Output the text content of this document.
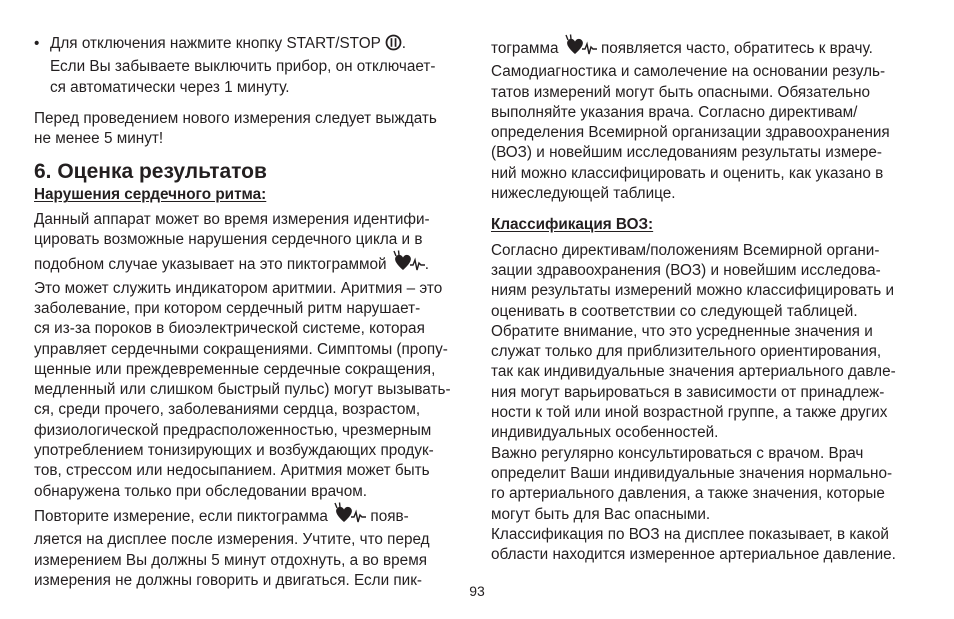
• Для отключения нажмите кнопку START/STOP .
Если Вы забываете выключить прибор, он отключает-
ся автоматически через 1 минуту.
Перед проведением нового измерения следует выждать
не менее 5 минут!
6. Оценка результатов
Нарушения сердечного ритма:
Данный аппарат может во время измерения идентифи-
цировать возможные нарушения сердечного цикла и в
подобном случае указывает на это пиктограммой	.
Это может служить индикатором аритмии. Аритмия – это
заболевание, при котором сердечный ритм нарушает-
ся из-за пороков в биоэлектрической системе, которая
управляет сердечными сокращениями. Симптомы (пропу-
щенные или преждевременные сердечные сокращения,
медленный или слишком быстрый пульс) могут вызывать-
ся, среди прочего, заболеваниями сердца, возрастом,
физиологической предрасположенностью, чрезмерным
употреблением тонизирующих и возбуждающих продук-
тов, стрессом или недосыпанием. Аритмия может быть
обнаружена только при обследовании врачом.
Повторите измерение, если пиктограмма	появ-
ляется на дисплее после измерения. Учтите, что перед
измерением Вы должны 5 минут отдохнуть, а во время
измерения не должны говорить и двигаться. Если пик-
тограмма	появляется часто, обратитесь к врачу.
Самодиагностика и самолечение на основании резуль-
татов измерений могут быть опасными. Обязательно
выполняйте указания врача. Согласно директивам/
определения Всемирной организации здравоохранения
(ВОЗ) и новейшим исследованиям результаты измере-
ний можно классифицировать и оценить, как указано в
нижеследующей таблице.
Классификация ВОЗ:
Согласно директивам/положениям Всемирной органи-
зации здравоохранения (ВОЗ) и новейшим исследова-
ниям результаты измерений можно классифицировать и
оценивать в соответствии со следующей таблицей.
Обратите внимание, что это усредненные значения и
служат только для приблизительного ориентирования,
так как индивидуальные значения артериального давле-
ния могут варьироваться в зависимости от принадлеж-
ности к той или иной возрастной группе, а также других
индивидуальных особенностей.
Важно регулярно консультироваться с врачом. Врач
определит Ваши индивидуальные значения нормально-
го артериального давления, а также значения, которые
могут быть для Вас опасными.
Классификация по ВОЗ на дисплее показывает, в какой
области находится измеренное артериальное давление.
93
